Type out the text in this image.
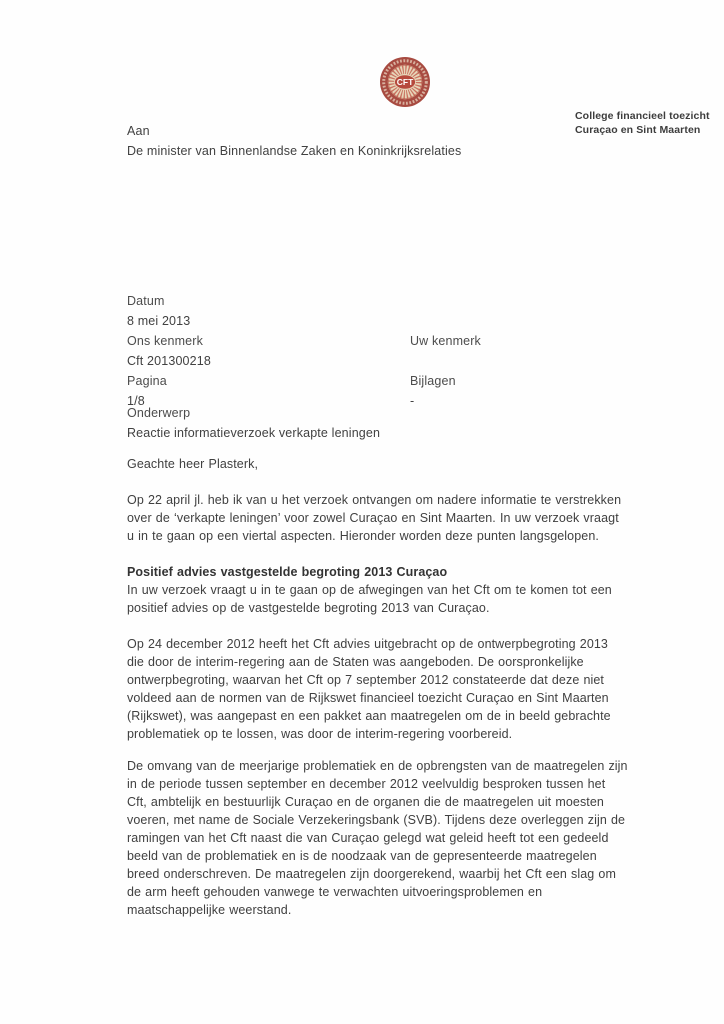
CFT
College financieel toezicht
Curaçao en Sint Maarten
Aan
De minister van Binnenlandse Zaken en Koninkrijksrelaties
Datum
8 mei 2013
Ons kenmerk	Uw kenmerk
Cft 201300218
Pagina	Bijlagen
1/8	-
Onderwerp
Reactie informatieverzoek verkapte leningen
Geachte heer Plasterk,

Op 22 april jl. heb ik van u het verzoek ontvangen om nadere informatie te verstrekken over de ‘verkapte leningen’ voor zowel Curaçao en Sint Maarten. In uw verzoek vraagt u in te gaan op een viertal aspecten. Hieronder worden deze punten langsgelopen.

Positief advies vastgestelde begroting 2013 Curaçao

In uw verzoek vraagt u in te gaan op de afwegingen van het Cft om te komen tot een positief advies op de vastgestelde begroting 2013 van Curaçao.

Op 24 december 2012 heeft het Cft advies uitgebracht op de ontwerpbegroting 2013 die door de interim-regering aan de Staten was aangeboden. De oorspronkelijke ontwerpbegroting, waarvan het Cft op 7 september 2012 constateerde dat deze niet voldeed aan de normen van de Rijkswet financieel toezicht Curaçao en Sint Maarten (Rijkswet), was aangepast en een pakket aan maatregelen om de in beeld gebrachte problematiek op te lossen, was door de interim-regering voorbereid.

De omvang van de meerjarige problematiek en de opbrengsten van de maatregelen zijn in de periode tussen september en december 2012 veelvuldig besproken tussen het Cft, ambtelijk en bestuurlijk Curaçao en de organen die de maatregelen uit moesten voeren, met name de Sociale Verzekeringsbank (SVB). Tijdens deze overleggen zijn de ramingen van het Cft naast die van Curaçao gelegd wat geleid heeft tot een gedeeld beeld van de problematiek en is de noodzaak van de gepresenteerde maatregelen breed onderschreven. De maatregelen zijn doorgerekend, waarbij het Cft een slag om de arm heeft gehouden vanwege te verwachten uitvoeringsproblemen en maatschappelijke weerstand.
